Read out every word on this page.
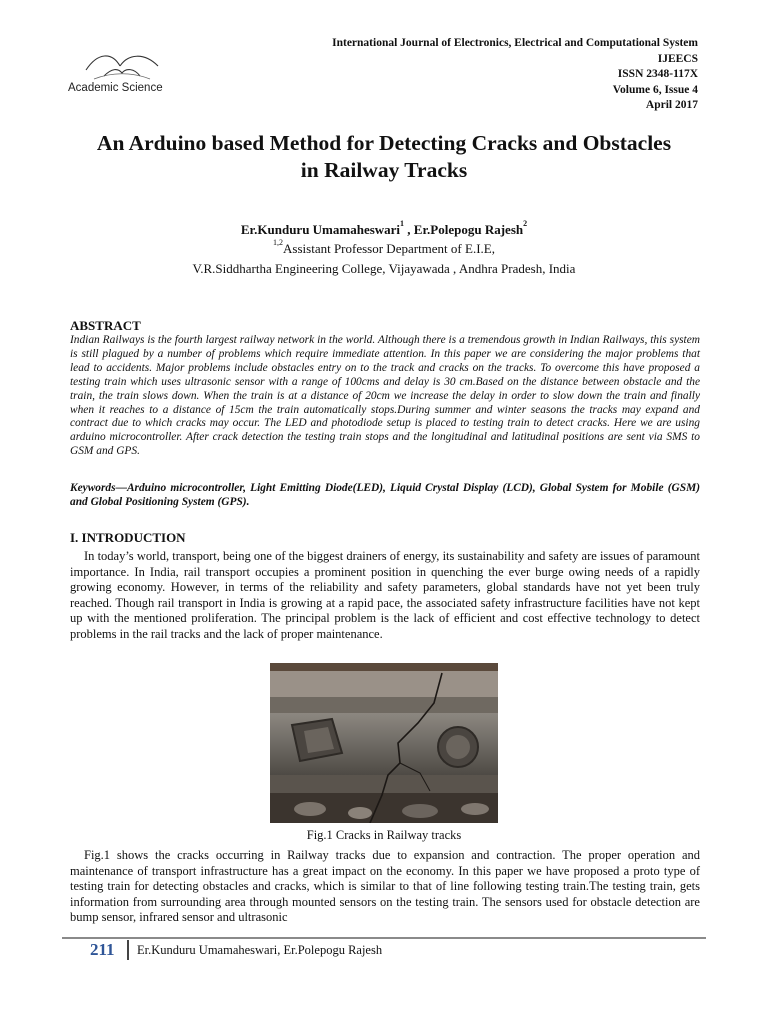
Academic Science
International Journal of Electronics, Electrical and Computational System
IJEECS
ISSN 2348-117X
Volume 6, Issue 4
April 2017
An Arduino based Method for Detecting Cracks and Obstacles
in Railway Tracks
Er.Kunduru Umamaheswari$^1$ , Er.Polepogu Rajesh$^2$
$^{1,2}$Assistant Professor Department of E.I.E,
V.R.Siddhartha Engineering College, Vijayawada , Andhra Pradesh, India
ABSTRACT
Indian Railways is the fourth largest railway network in the world. Although there is a tremendous growth in Indian Railways, this system is still plagued by a number of problems which require immediate attention. In this paper we are considering the major problems that lead to accidents. Major problems include obstacles entry on to the track and cracks on the tracks. To overcome this have proposed a testing train which uses ultrasonic sensor with a range of 100cms and delay is 30 cm.Based on the distance between obstacle and the train, the train slows down. When the train is at a distance of 20cm we increase the delay in order to slow down the train and finally when it reaches to a distance of 15cm the train automatically stops.During summer and winter seasons the tracks may expand and contract due to which cracks may occur. The LED and photodiode setup is placed to testing train to detect cracks. Here we are using arduino microcontroller. After crack detection the testing train stops and the longitudinal and latitudinal positions are sent via SMS to GSM and GPS.
Keywords—Arduino microcontroller, Light Emitting Diode(LED), Liquid Crystal Display (LCD), Global System for Mobile (GSM) and Global Positioning System (GPS).
I. INTRODUCTION
In today’s world, transport, being one of the biggest drainers of energy, its sustainability and safety are issues of paramount importance. In India, rail transport occupies a prominent position in quenching the ever burge owing needs of a rapidly growing economy. However, in terms of the reliability and safety parameters, global standards have not yet been truly reached. Though rail transport in India is growing at a rapid pace, the associated safety infrastructure facilities have not kept up with the mentioned proliferation. The principal problem is the lack of efficient and cost effective technology to detect problems in the rail tracks and the lack of proper maintenance.
Fig.1 Cracks in Railway tracks
Fig.1 shows the cracks occurring in Railway tracks due to expansion and contraction. The proper operation and maintenance of transport infrastructure has a great impact on the economy. In this paper we have proposed a proto type of testing train for detecting obstacles and cracks, which is similar to that of line following testing train.The testing train, gets information from surrounding area through mounted sensors on the testing train. The sensors used for obstacle detection are bump sensor, infrared sensor and ultrasonic
211 Er.Kunduru Umamaheswari, Er.Polepogu Rajesh
